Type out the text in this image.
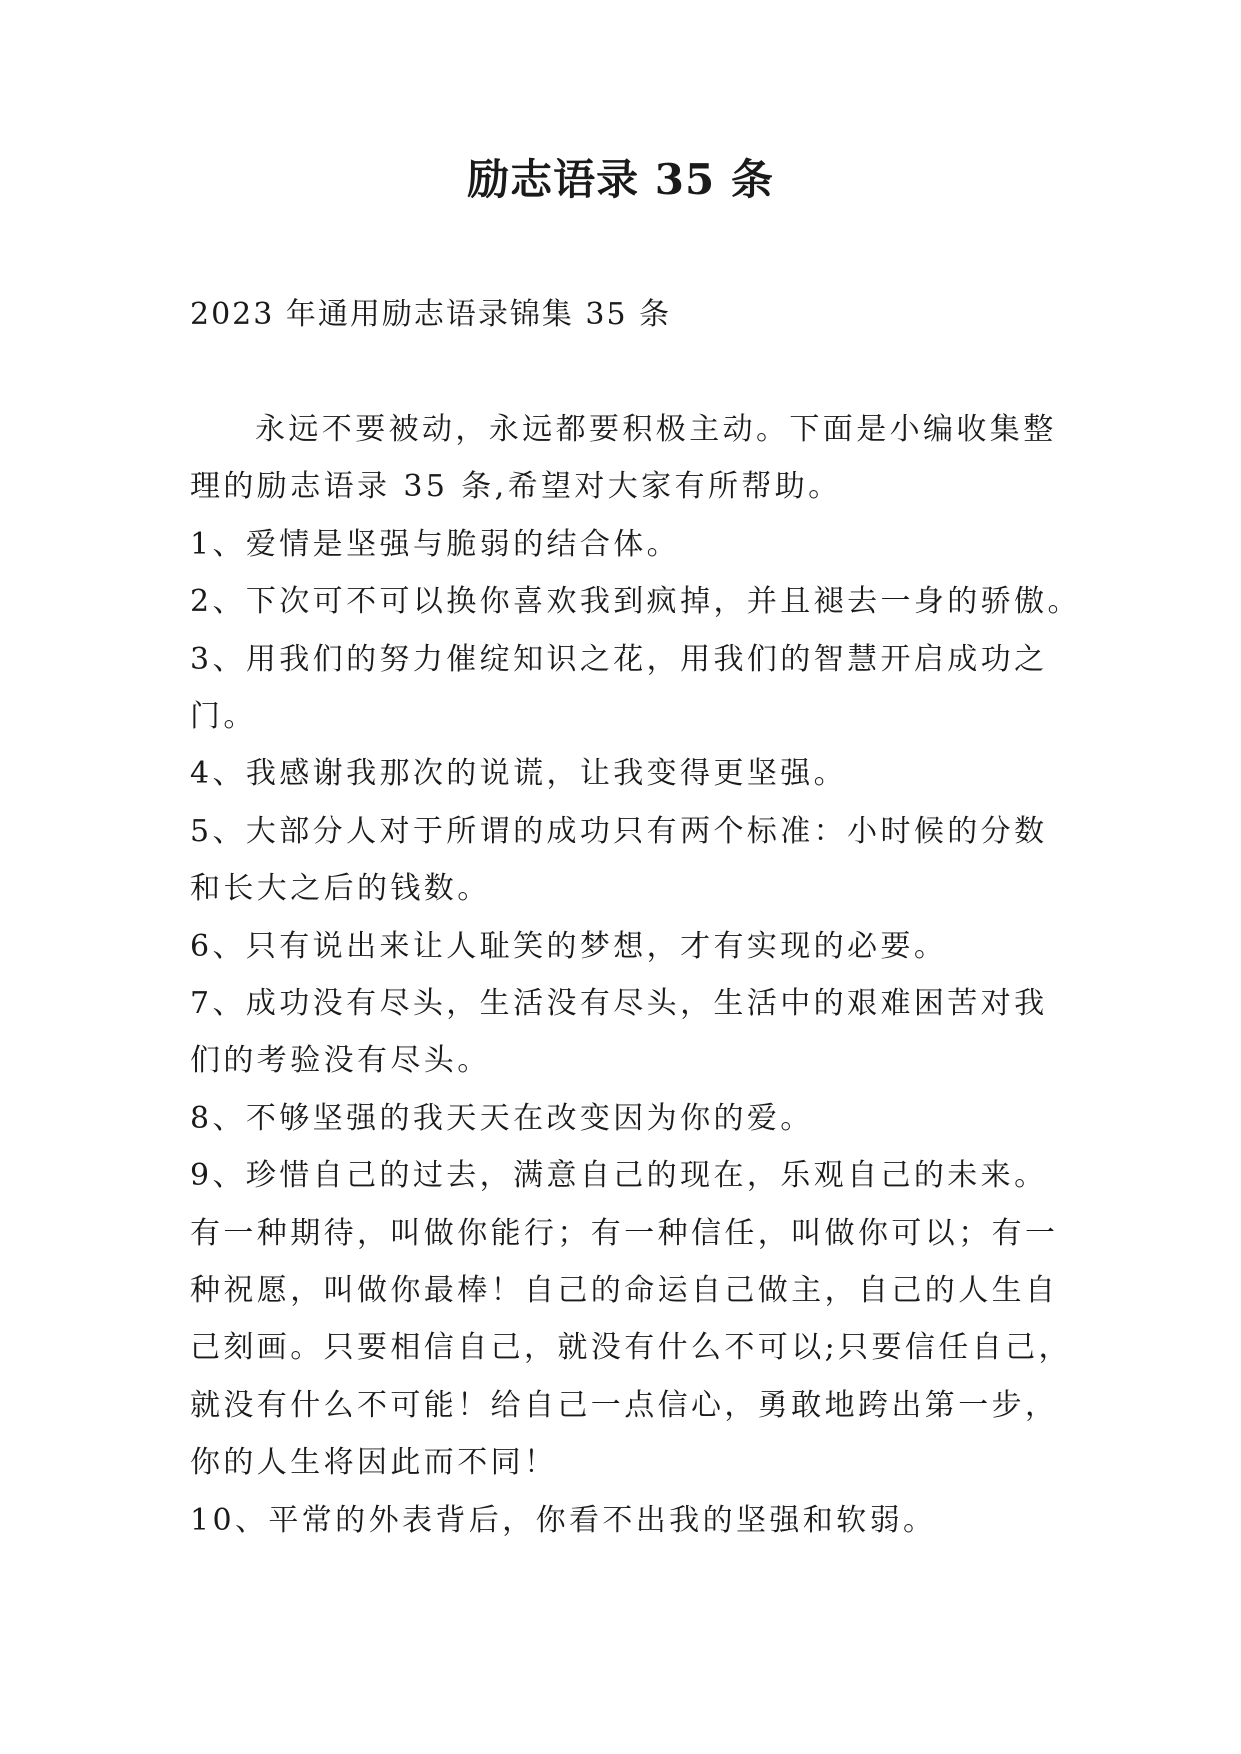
励志语录 35 条
2023 年通用励志语录锦集 35 条
永远不要被动，永远都要积极主动。下面是小编收集整
理的励志语录 35 条,希望对大家有所帮助。
1、爱情是坚强与脆弱的结合体。
2、下次可不可以换你喜欢我到疯掉，并且褪去一身的骄傲。
3、用我们的努力催绽知识之花，用我们的智慧开启成功之
门。
4、我感谢我那次的说谎，让我变得更坚强。
5、大部分人对于所谓的成功只有两个标准：小时候的分数
和长大之后的钱数。
6、只有说出来让人耻笑的梦想，才有实现的必要。
7、成功没有尽头，生活没有尽头，生活中的艰难困苦对我
们的考验没有尽头。
8、不够坚强的我天天在改变因为你的爱。
9、珍惜自己的过去，满意自己的现在，乐观自己的未来。
有一种期待，叫做你能行；有一种信任，叫做你可以；有一
种祝愿，叫做你最棒！自己的命运自己做主，自己的人生自
己刻画。只要相信自己，就没有什么不可以;只要信任自己，
就没有什么不可能！给自己一点信心，勇敢地跨出第一步，
你的人生将因此而不同！
10、平常的外表背后，你看不出我的坚强和软弱。
